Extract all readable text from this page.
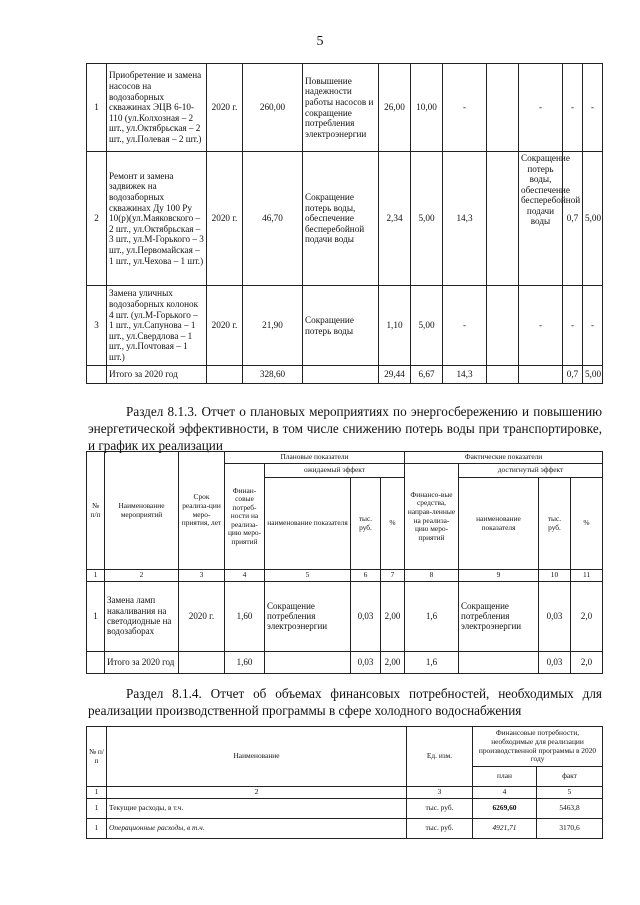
5
1	Приобретение и замена насосов на водозаборных скважинах ЭЦВ 6-10-110 (ул.Колхозная – 2 шт., ул.Октябрьская – 2 шт., ул.Полевая – 2 шт.)	2020 г.	260,00	Повышение надежности работы насосов и сокращение потребления электроэнергии	26,00	10,00	-		-	-	-
2	Ремонт и замена задвижек на водозаборных скважинах Ду 100 Ру 10(р)(ул.Маяковского – 2 шт., ул.Октябрьская – 3 шт., ул.М-Горького – 3 шт., ул.Первомайская – 1 шт., ул.Чехова – 1 шт.)	2020 г.	46,70	Сокращение потерь воды, обеспечение бесперебойной подачи воды	2,34	5,00	14,3		Сокращение потерь воды, обеспечение бесперебойной подачи воды	0,7	5,00
3	Замена уличных водозаборных колонок 4 шт. (ул.М-Горького – 1 шт., ул.Сапунова – 1 шт., ул.Свердлова – 1 шт., ул.Почтовая – 1 шт.)	2020 г.	21,90	Сокращение потерь воды	1,10	5,00	-		-	-	-
	Итого за 2020 год		328,60		29,44	6,67	14,3			0,7	5,00
Раздел 8.1.3. Отчет о плановых мероприятиях по энергосбережению и повышению энергетической эффективности, в том числе снижению потерь воды при транспортировке, и график их реализации
№ п/п	Наименование мероприятий	Срок реализа-ции меро-приятия, лет	Плановые показатели				Фактические показатели			
			Финан-совые потреб-ности на реализа-цию меро-приятий	ожидаемый эффект			Финансо-вые средства, направ-ленные на реализа-цию меро-приятий	достигнутый эффект		
				наименование показателя	тыс. руб.	%		наименование показателя	тыс. руб.	%
1	2	3	4	5	6	7	8	9	10	11
1	Замена ламп накаливания на светодиодные на водозаборах	2020 г.	1,60	Сокращение потребления электроэнергии	0,03	2,00	1,6	Сокращение потребления электроэнергии	0,03	2,0
	Итого за 2020 год		1,60		0,03	2,00	1,6		0,03	2,0
Раздел 8.1.4. Отчет об объемах финансовых потребностей, необходимых для реализации производственной программы в сфере холодного водоснабжения
№ п/п	Наименование	Ед. изм.	Финансовые потребности, необходимые для реализации производственной программы в 2020 году	
			план	факт
1	2	3	4	5
1	Текущие расходы, в т.ч.	тыс. руб.	6269,60	5463,8
1	Операционные расходы, в т.ч.	тыс. руб.	4921,71	3170,6
